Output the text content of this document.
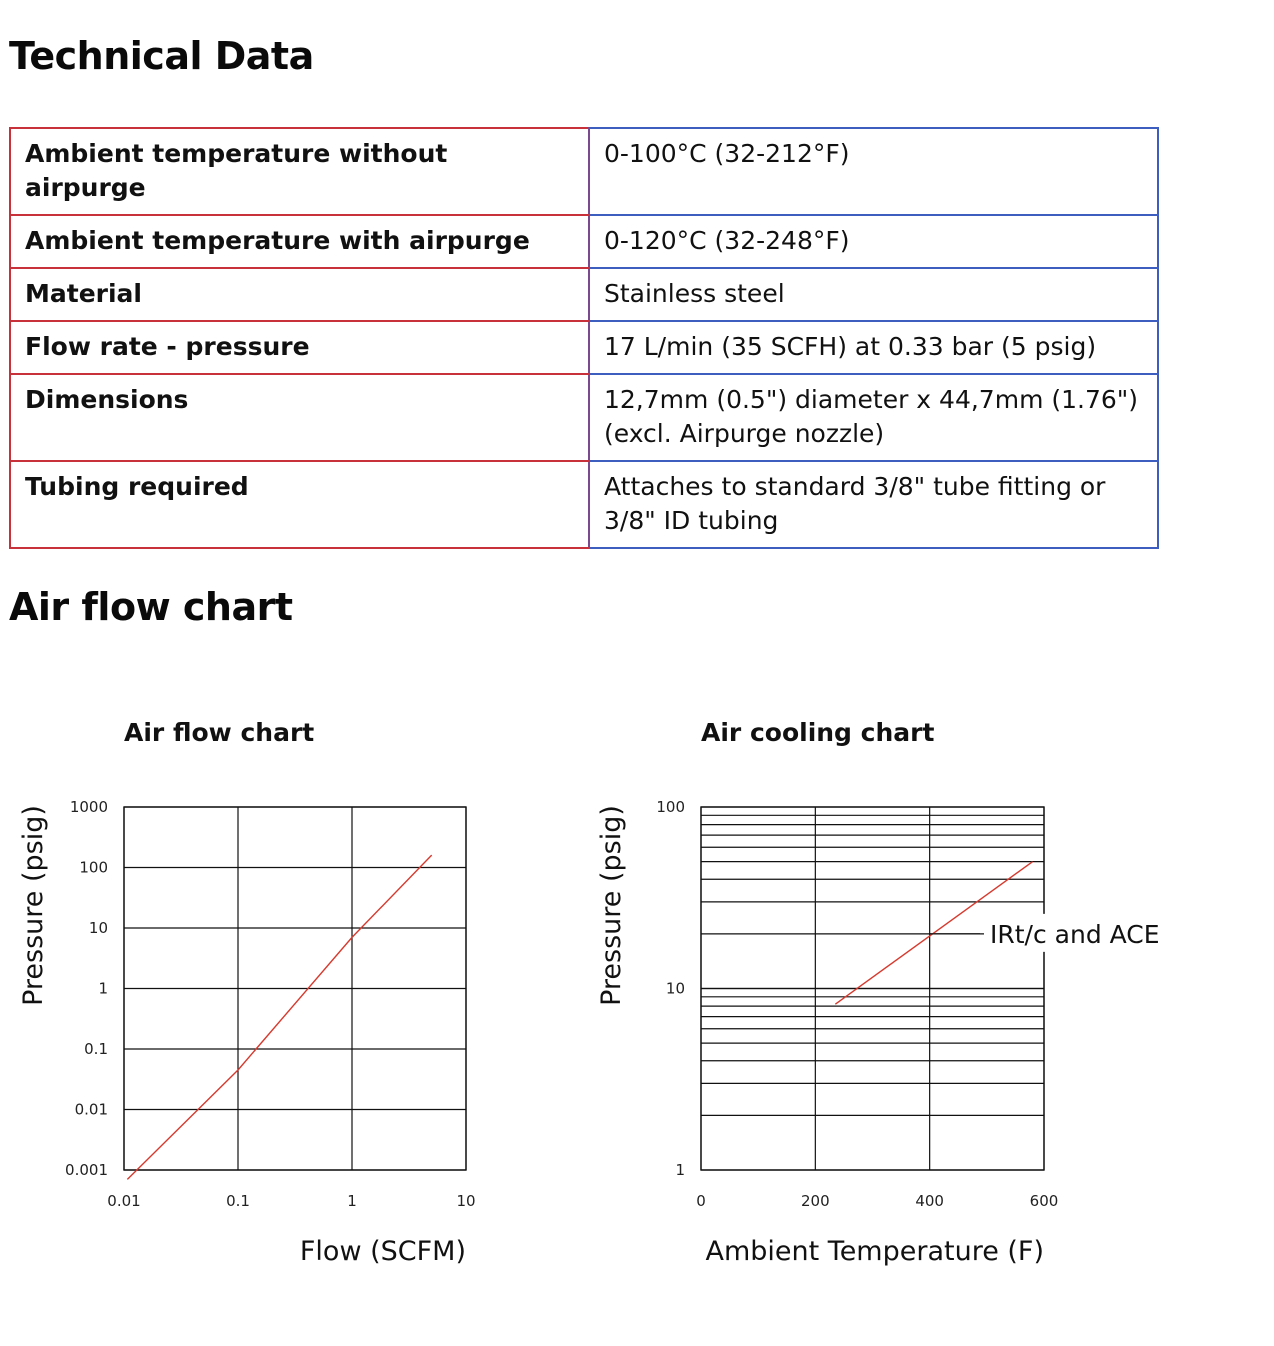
Technical Data
Ambient temperature without airpurge	0-100°C (32-212°F)
Ambient temperature with airpurge	0-120°C (32-248°F)
Material	Stainless steel
Flow rate - pressure	17 L/min (35 SCFH) at 0.33 bar (5 psig)
Dimensions	12,7mm (0.5") diameter x 44,7mm (1.76") (excl. Airpurge nozzle)
Tubing required	Attaches to standard 3/8" tube fitting or 3/8" ID tubing
Air flow chart
Air flow chart	Air cooling chart
0.01	0.1	1	10
0.001
0.01
0.1
1
10
100
1000
Flow (SCFM)
Pressure (psig)
0	200	400	600
1
10
100
IRt/c and ACE
Ambient Temperature (F)
Pressure (psig)
